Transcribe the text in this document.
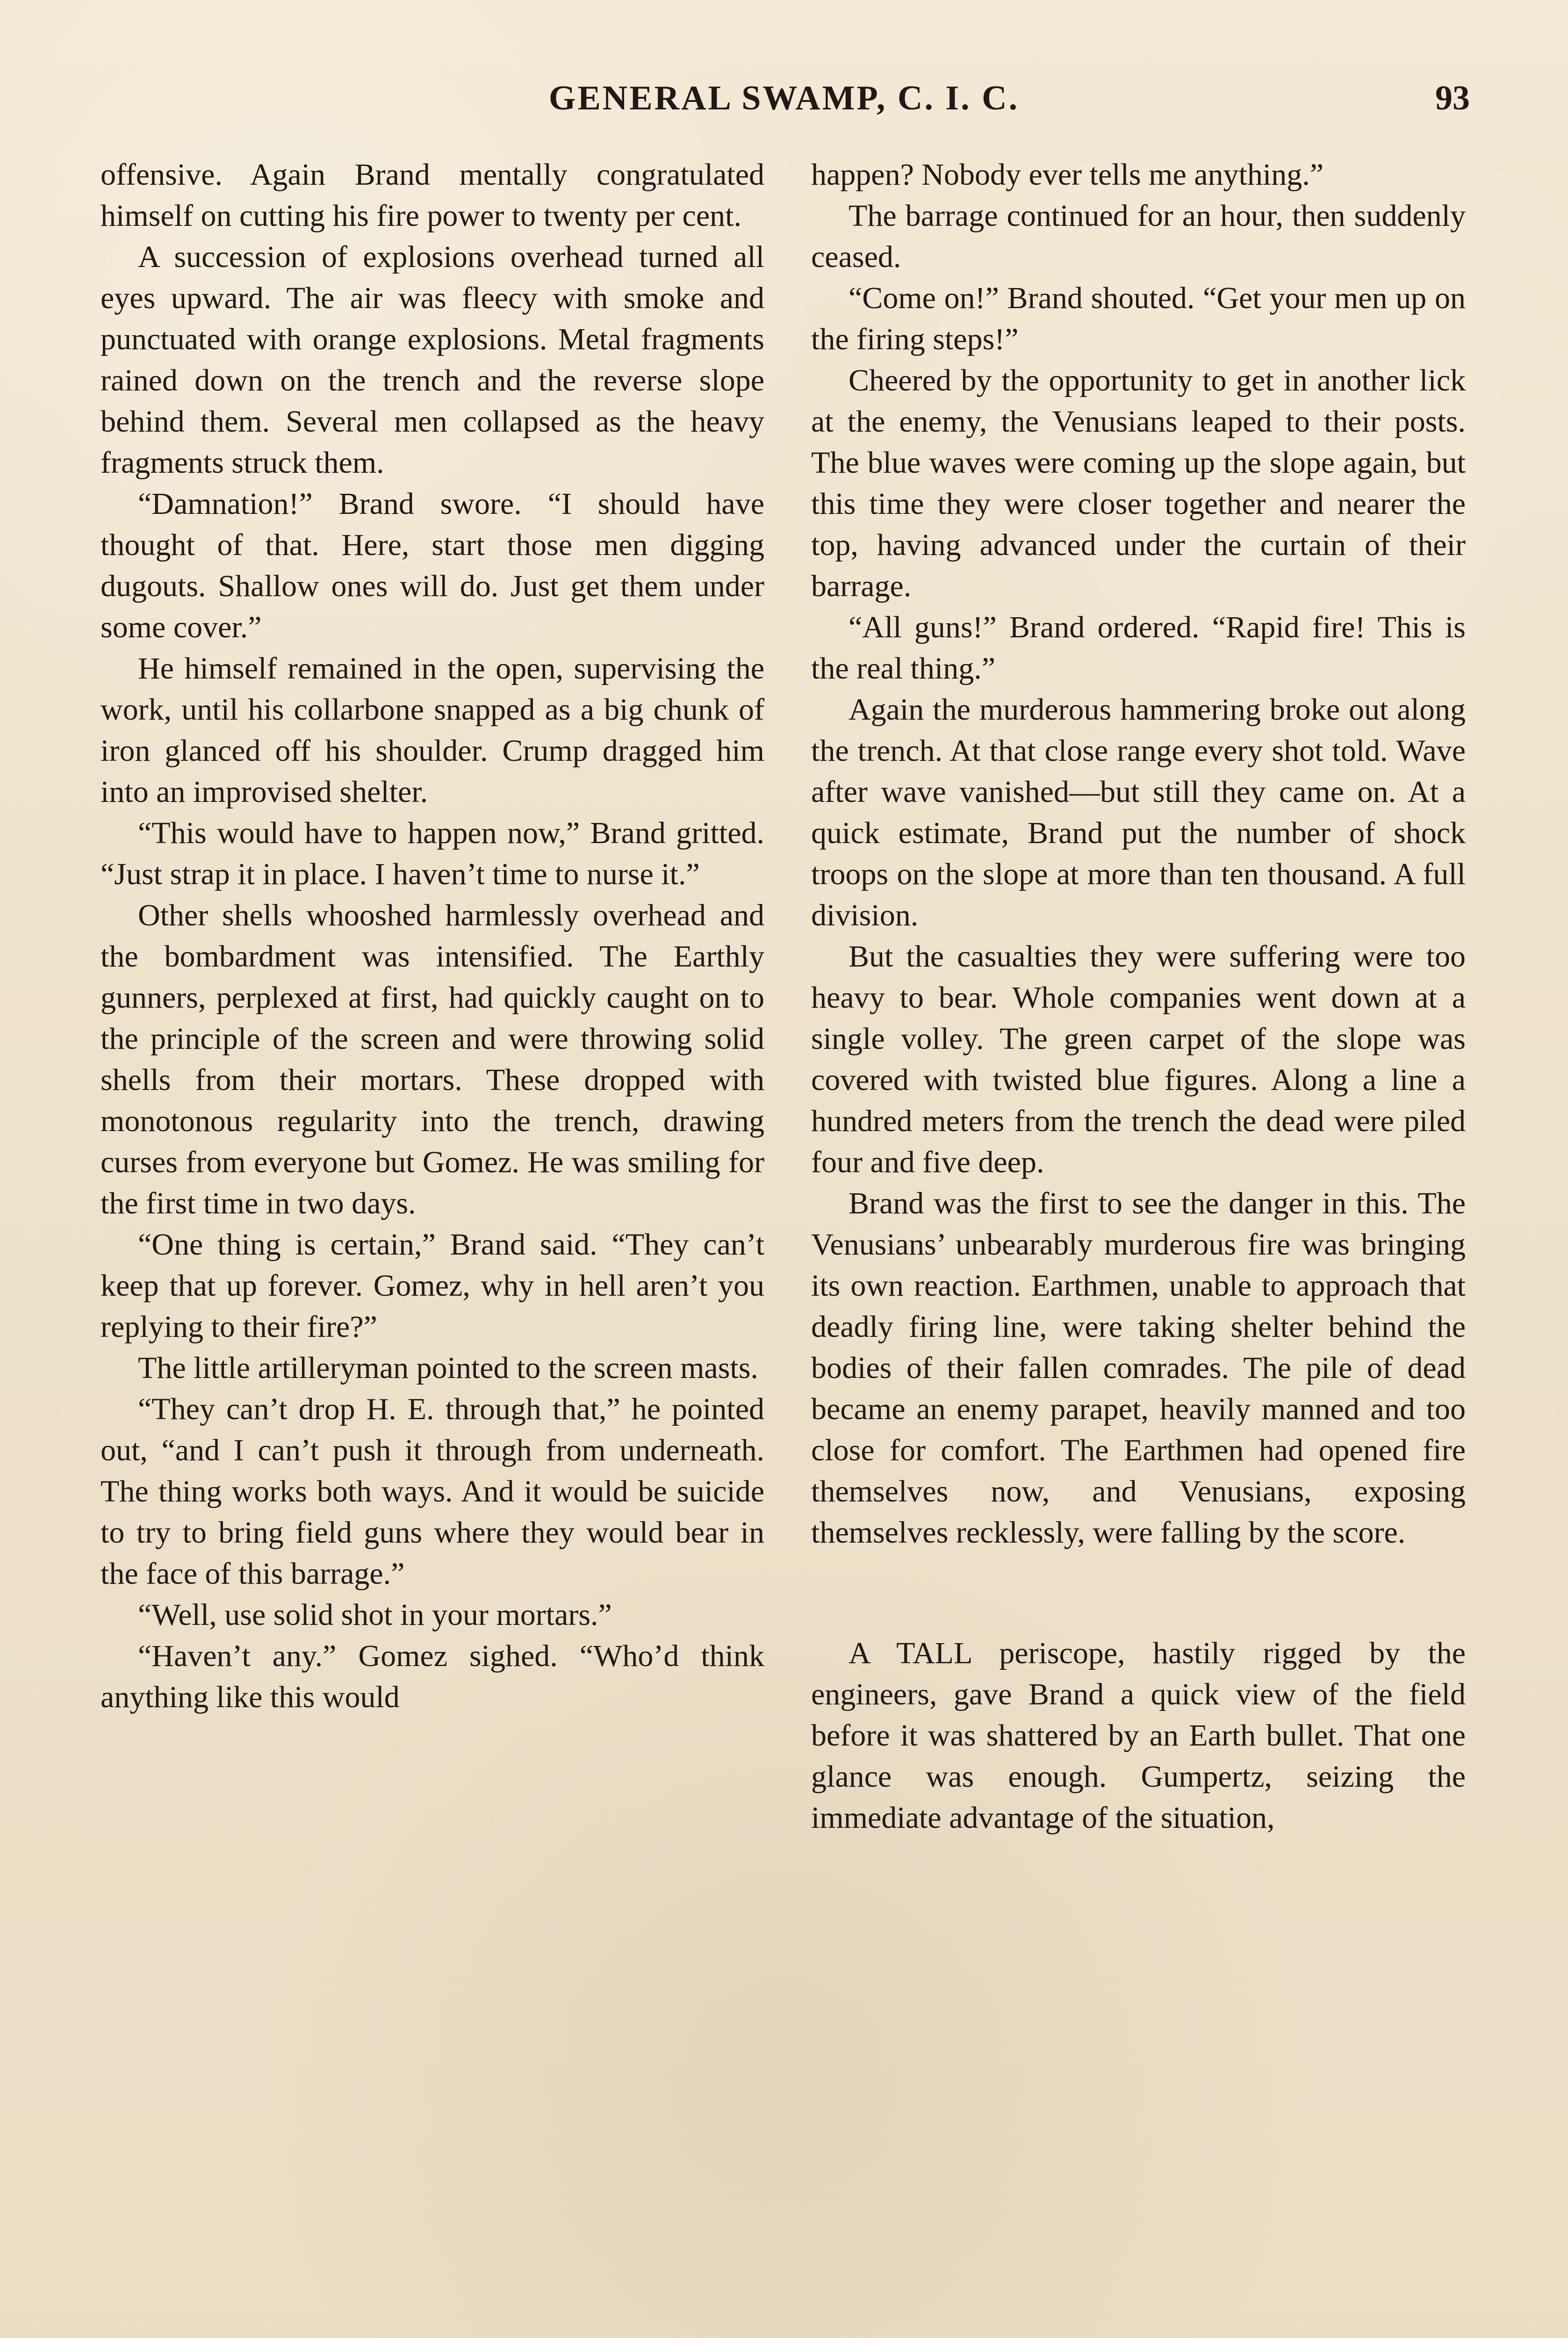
GENERAL SWAMP, C. I. C.	93

offensive. Again Brand mentally congratulated himself on cutting his fire power to twenty per cent.

A succession of explosions overhead turned all eyes upward. The air was fleecy with smoke and punctuated with orange explosions. Metal fragments rained down on the trench and the reverse slope behind them. Several men collapsed as the heavy fragments struck them.

“Damnation!” Brand swore. “I should have thought of that. Here, start those men digging dugouts. Shallow ones will do. Just get them under some cover.”

He himself remained in the open, supervising the work, until his collarbone snapped as a big chunk of iron glanced off his shoulder. Crump dragged him into an improvised shelter.

“This would have to happen now,” Brand gritted. “Just strap it in place. I haven’t time to nurse it.”

Other shells whooshed harmlessly overhead and the bombardment was intensified. The Earthly gunners, perplexed at first, had quickly caught on to the principle of the screen and were throwing solid shells from their mortars. These dropped with monotonous regularity into the trench, drawing curses from everyone but Gomez. He was smiling for the first time in two days.

“One thing is certain,” Brand said. “They can’t keep that up forever. Gomez, why in hell aren’t you replying to their fire?”

The little artilleryman pointed to the screen masts.

“They can’t drop H. E. through that,” he pointed out, “and I can’t push it through from underneath. The thing works both ways. And it would be suicide to try to bring field guns where they would bear in the face of this barrage.”

“Well, use solid shot in your mortars.”

“Haven’t any.” Gomez sighed. “Who’d think anything like this would

happen? Nobody ever tells me anything.”

The barrage continued for an hour, then suddenly ceased.

“Come on!” Brand shouted. “Get your men up on the firing steps!”

Cheered by the opportunity to get in another lick at the enemy, the Venusians leaped to their posts. The blue waves were coming up the slope again, but this time they were closer together and nearer the top, having advanced under the curtain of their barrage.

“All guns!” Brand ordered. “Rapid fire! This is the real thing.”

Again the murderous hammering broke out along the trench. At that close range every shot told. Wave after wave vanished—but still they came on. At a quick estimate, Brand put the number of shock troops on the slope at more than ten thousand. A full division.

But the casualties they were suffering were too heavy to bear. Whole companies went down at a single volley. The green carpet of the slope was covered with twisted blue figures. Along a line a hundred meters from the trench the dead were piled four and five deep.

Brand was the first to see the danger in this. The Venusians’ unbearably murderous fire was bringing its own reaction. Earthmen, unable to approach that deadly firing line, were taking shelter behind the bodies of their fallen comrades. The pile of dead became an enemy parapet, heavily manned and too close for comfort. The Earthmen had opened fire themselves now, and Venusians, exposing themselves recklessly, were falling by the score.

A TALL periscope, hastily rigged by the engineers, gave Brand a quick view of the field before it was shattered by an Earth bullet. That one glance was enough. Gumpertz, seizing the immediate advantage of the situation,
